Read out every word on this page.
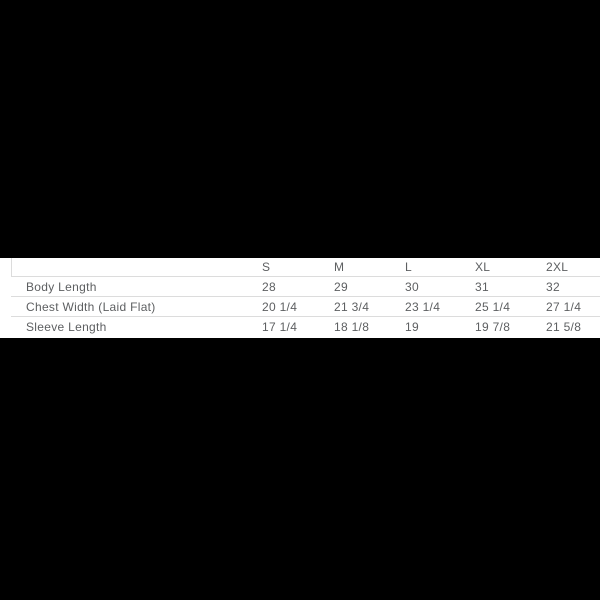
	S	M	L	XL	2XL
Body Length	28	29	30	31	32
Chest Width (Laid Flat)	20 1/4	21 3/4	23 1/4	25 1/4	27 1/4
Sleeve Length	17 1/4	18 1/8	19	19 7/8	21 5/8
